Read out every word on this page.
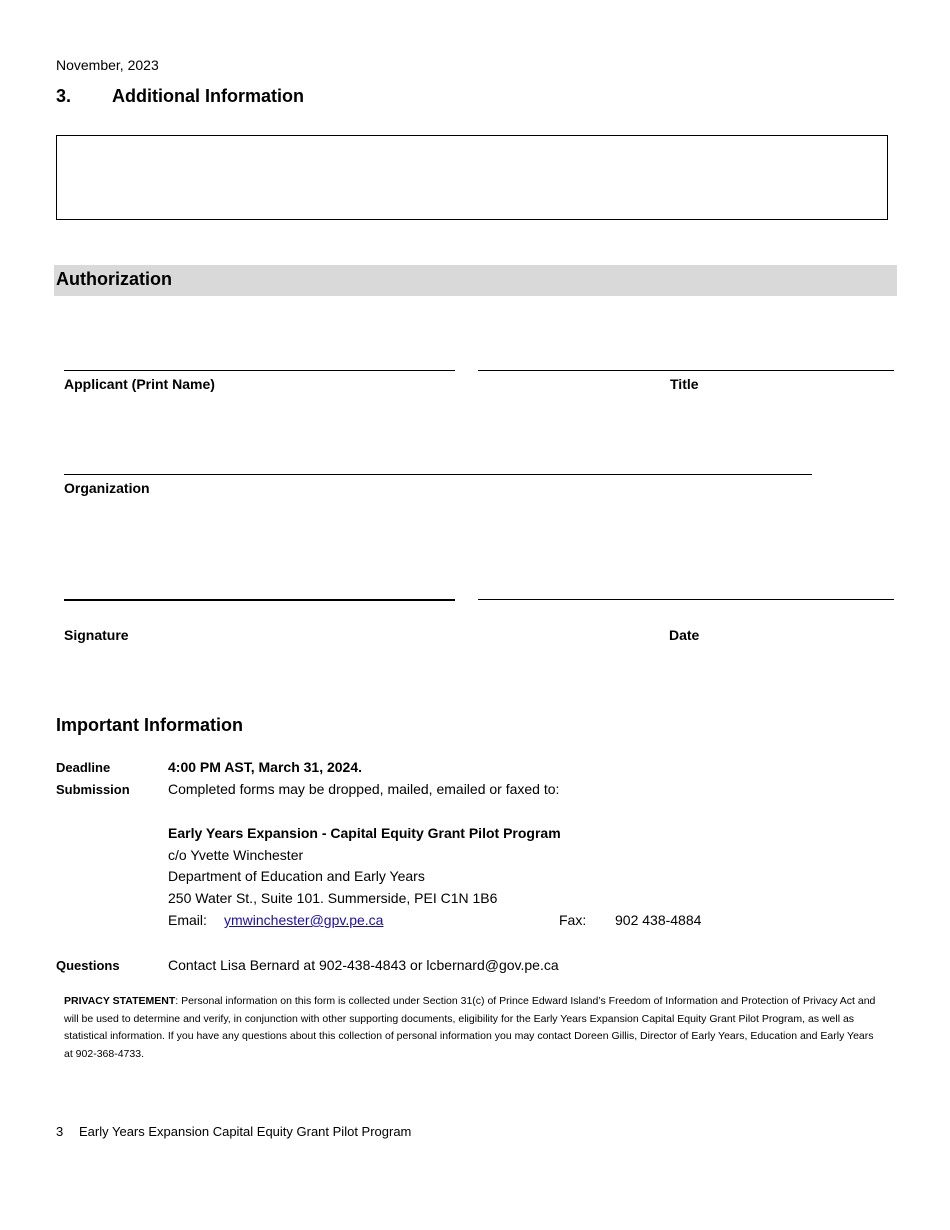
November, 2023
3. Additional Information
Authorization
Applicant (Print Name)	Title
Organization
Signature	Date
Important Information
Deadline	4:00 PM AST, March 31, 2024.
Submission	Completed forms may be dropped, mailed, emailed or faxed to:
Early Years Expansion - Capital Equity Grant Pilot Program
c/o Yvette Winchester
Department of Education and Early Years
250 Water St., Suite 101. Summerside, PEI C1N 1B6
Email: ymwinchester@gpv.pe.ca	Fax: 902 438-4884
Questions	Contact Lisa Bernard at 902-438-4843 or lcbernard@gov.pe.ca
PRIVACY STATEMENT: Personal information on this form is collected under Section 31(c) of Prince Edward Island’s Freedom of Information and Protection of Privacy Act and will be used to determine and verify, in conjunction with other supporting documents, eligibility for the Early Years Expansion Capital Equity Grant Pilot Program, as well as statistical information. If you have any questions about this collection of personal information you may contact Doreen Gillis, Director of Early Years, Education and Early Years at 902-368-4733.
3 Early Years Expansion Capital Equity Grant Pilot Program
